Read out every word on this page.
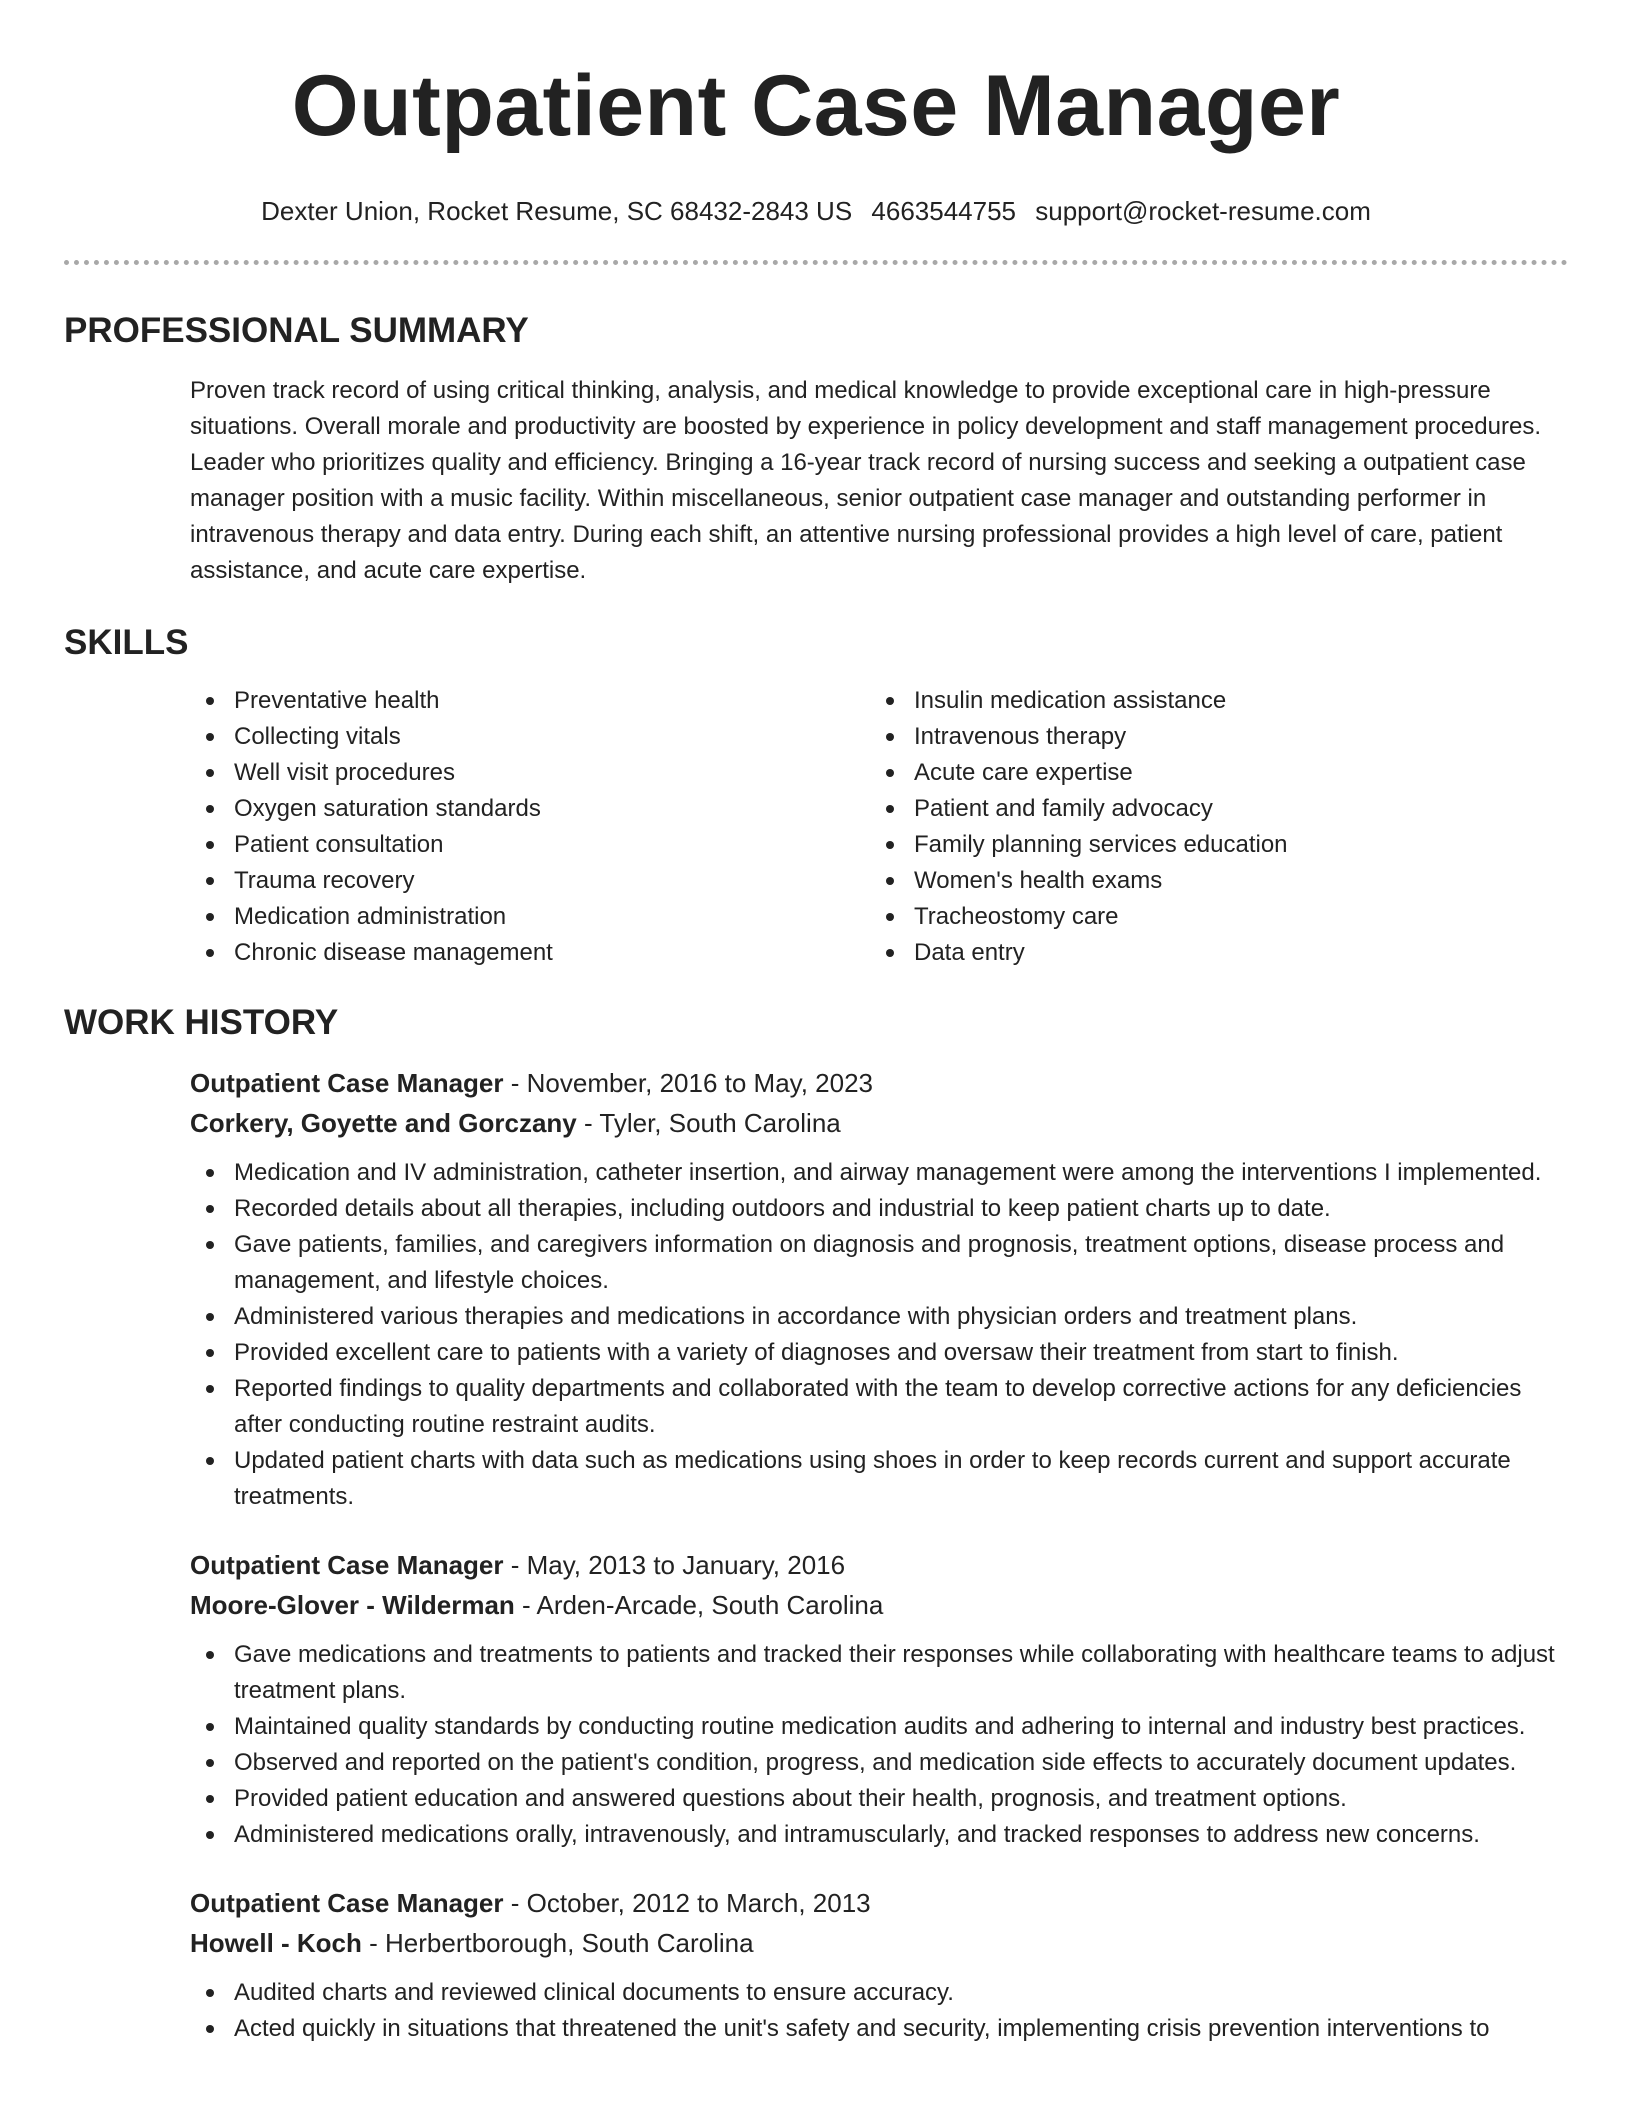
Outpatient Case Manager
Dexter Union, Rocket Resume, SC 68432-2843 US 4663544755 support@rocket-resume.com
PROFESSIONAL SUMMARY

Proven track record of using critical thinking, analysis, and medical knowledge to provide exceptional care in high-pressure situations. Overall morale and productivity are boosted by experience in policy development and staff management procedures. Leader who prioritizes quality and efficiency. Bringing a 16-year track record of nursing success and seeking a outpatient case manager position with a music facility. Within miscellaneous, senior outpatient case manager and outstanding performer in intravenous therapy and data entry. During each shift, an attentive nursing professional provides a high level of care, patient assistance, and acute care expertise.

SKILLS
Preventative health
Collecting vitals
Well visit procedures
Oxygen saturation standards
Patient consultation
Trauma recovery
Medication administration
Chronic disease management
Insulin medication assistance
Intravenous therapy
Acute care expertise
Patient and family advocacy
Family planning services education
Women's health exams
Tracheostomy care
Data entry
WORK HISTORY
Outpatient Case Manager - November, 2016 to May, 2023
Corkery, Goyette and Gorczany - Tyler, South Carolina
Medication and IV administration, catheter insertion, and airway management were among the interventions I implemented.
Recorded details about all therapies, including outdoors and industrial to keep patient charts up to date.
Gave patients, families, and caregivers information on diagnosis and prognosis, treatment options, disease process and management, and lifestyle choices.
Administered various therapies and medications in accordance with physician orders and treatment plans.
Provided excellent care to patients with a variety of diagnoses and oversaw their treatment from start to finish.
Reported findings to quality departments and collaborated with the team to develop corrective actions for any deficiencies after conducting routine restraint audits.
Updated patient charts with data such as medications using shoes in order to keep records current and support accurate treatments.
Outpatient Case Manager - May, 2013 to January, 2016
Moore-Glover - Wilderman - Arden-Arcade, South Carolina
Gave medications and treatments to patients and tracked their responses while collaborating with healthcare teams to adjust treatment plans.
Maintained quality standards by conducting routine medication audits and adhering to internal and industry best practices.
Observed and reported on the patient's condition, progress, and medication side effects to accurately document updates.
Provided patient education and answered questions about their health, prognosis, and treatment options.
Administered medications orally, intravenously, and intramuscularly, and tracked responses to address new concerns.
Outpatient Case Manager - October, 2012 to March, 2013
Howell - Koch - Herbertborough, South Carolina
Audited charts and reviewed clinical documents to ensure accuracy.
Acted quickly in situations that threatened the unit's safety and security, implementing crisis prevention interventions to
